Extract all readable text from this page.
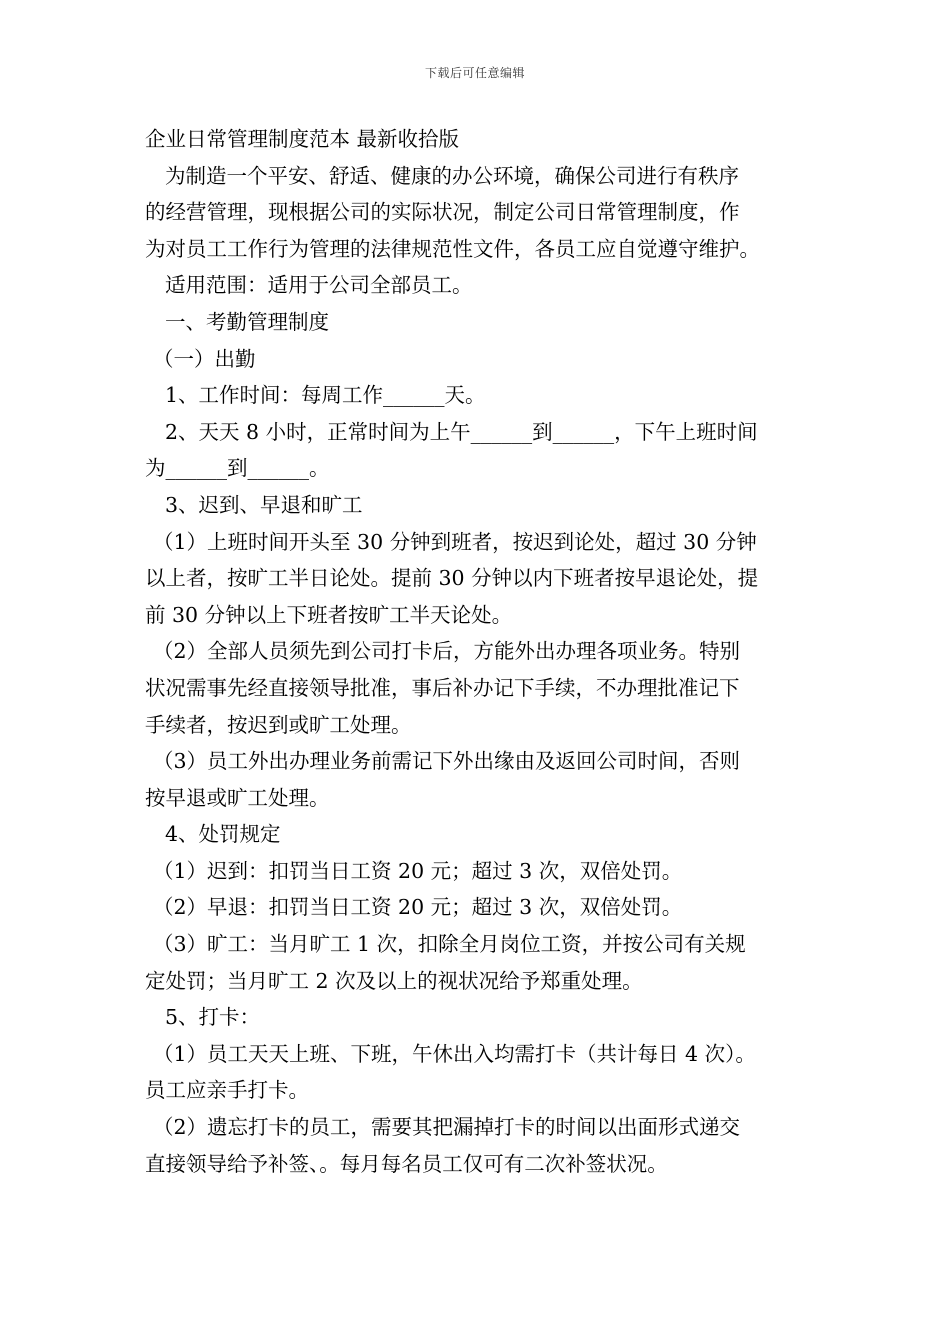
下载后可任意编辑
企业日常管理制度范本 最新收拾版
为制造一个平安、舒适、健康的办公环境，确保公司进行有秩序
的经营管理，现根据公司的实际状况，制定公司日常管理制度，作
为对员工工作行为管理的法律规范性文件，各员工应自觉遵守维护。
适用范围：适用于公司全部员工。
一、考勤管理制度
（一）出勤
1、工作时间：每周工作______天。
2、天天 8 小时，正常时间为上午______到______，下午上班时间
为______到______。
3、迟到、早退和旷工
（1）上班时间开头至 30 分钟到班者，按迟到论处，超过 30 分钟
以上者，按旷工半日论处。提前 30 分钟以内下班者按早退论处，提
前 30 分钟以上下班者按旷工半天论处。
（2）全部人员须先到公司打卡后，方能外出办理各项业务。特别
状况需事先经直接领导批准，事后补办记下手续，不办理批准记下
手续者，按迟到或旷工处理。
（3）员工外出办理业务前需记下外出缘由及返回公司时间，否则
按早退或旷工处理。
4、处罚规定
（1）迟到：扣罚当日工资 20 元；超过 3 次，双倍处罚。
（2）早退：扣罚当日工资 20 元；超过 3 次，双倍处罚。
（3）旷工：当月旷工 1 次，扣除全月岗位工资，并按公司有关规
定处罚；当月旷工 2 次及以上的视状况给予郑重处理。
5、打卡：
（1）员工天天上班、下班，午休出入均需打卡（共计每日 4 次）。
员工应亲手打卡。
（2）遗忘打卡的员工，需要其把漏掉打卡的时间以出面形式递交
直接领导给予补签、。每月每名员工仅可有二次补签状况。
